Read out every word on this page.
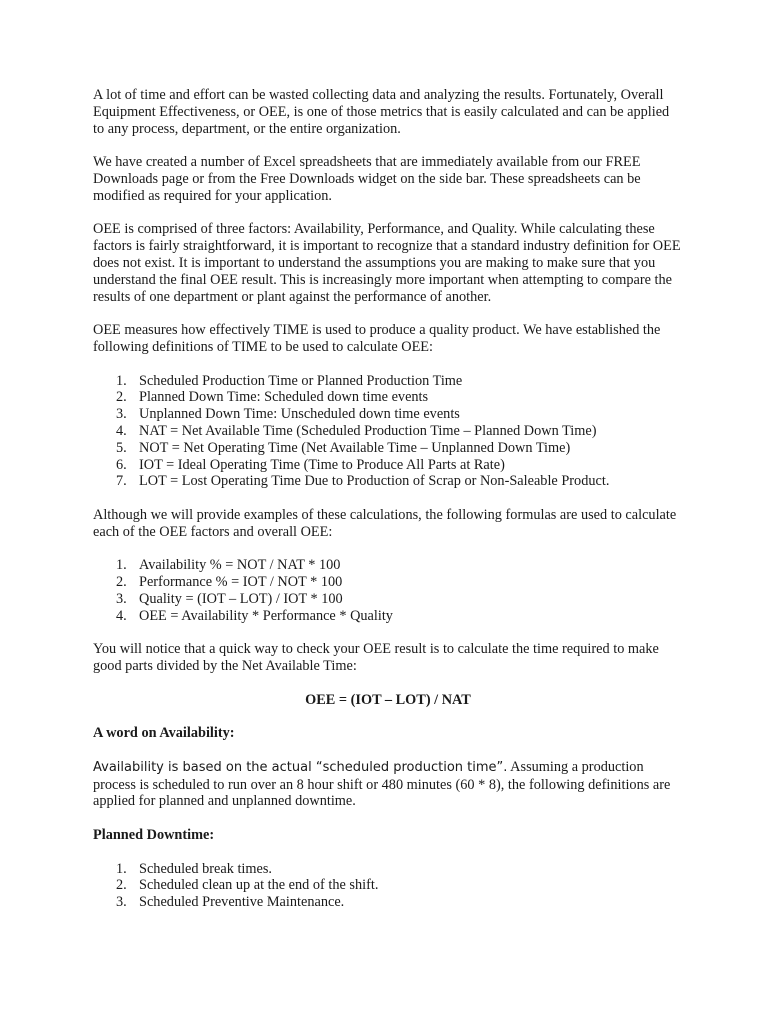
A lot of time and effort can be wasted collecting data and analyzing the results. Fortunately, Overall Equipment Effectiveness, or OEE, is one of those metrics that is easily calculated and can be applied to any process, department, or the entire organization.

We have created a number of Excel spreadsheets that are immediately available from our FREE Downloads page or from the Free Downloads widget on the side bar. These spreadsheets can be modified as required for your application.

OEE is comprised of three factors: Availability, Performance, and Quality. While calculating these factors is fairly straightforward, it is important to recognize that a standard industry definition for OEE does not exist. It is important to understand the assumptions you are making to make sure that you understand the final OEE result. This is increasingly more important when attempting to compare the results of one department or plant against the performance of another.

OEE measures how effectively TIME is used to produce a quality product. We have established the following definitions of TIME to be used to calculate OEE:

1. Scheduled Production Time or Planned Production Time
2. Planned Down Time: Scheduled down time events
3. Unplanned Down Time: Unscheduled down time events
4. NAT = Net Available Time (Scheduled Production Time – Planned Down Time)
5. NOT = Net Operating Time (Net Available Time – Unplanned Down Time)
6. IOT = Ideal Operating Time (Time to Produce All Parts at Rate)
7. LOT = Lost Operating Time Due to Production of Scrap or Non-Saleable Product.

Although we will provide examples of these calculations, the following formulas are used to calculate each of the OEE factors and overall OEE:

1. Availability % = NOT / NAT * 100
2. Performance % = IOT / NOT * 100
3. Quality = (IOT – LOT) / IOT * 100
4. OEE = Availability * Performance * Quality

You will notice that a quick way to check your OEE result is to calculate the time required to make good parts divided by the Net Available Time:

OEE = (IOT – LOT) / NAT

A word on Availability:

Availability is based on the actual “scheduled production time”. Assuming a production process is scheduled to run over an 8 hour shift or 480 minutes (60 * 8), the following definitions are applied for planned and unplanned downtime.

Planned Downtime:

1. Scheduled break times.
2. Scheduled clean up at the end of the shift.
3. Scheduled Preventive Maintenance.
